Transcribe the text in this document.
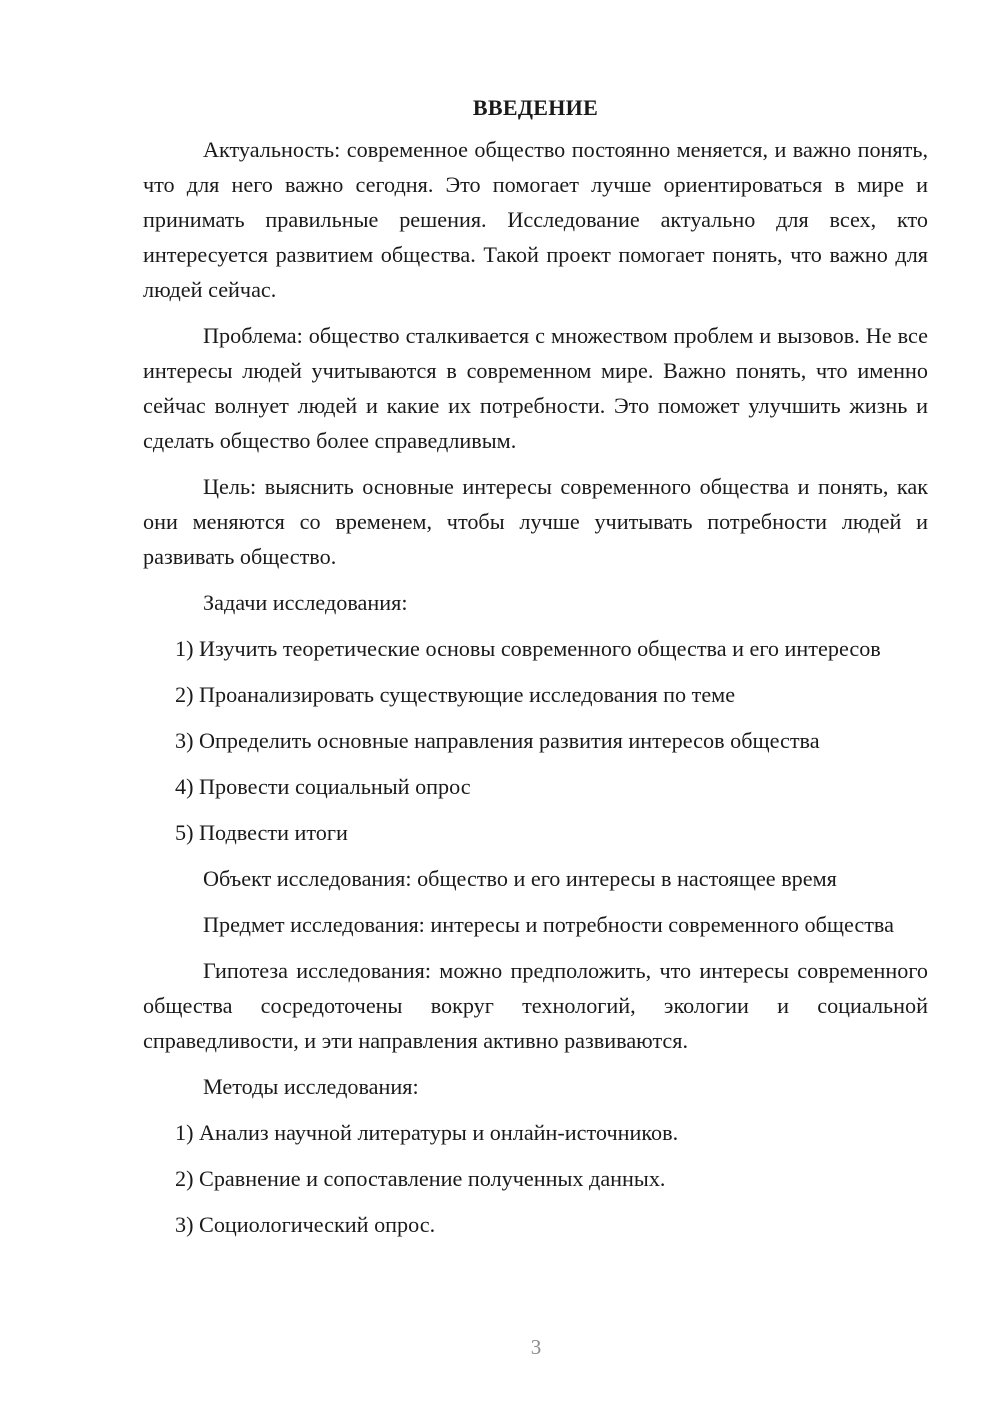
ВВЕДЕНИЕ

Актуальность: современное общество постоянно меняется, и важно понять, что для него важно сегодня. Это помогает лучше ориентироваться в мире и принимать правильные решения. Исследование актуально для всех, кто интересуется развитием общества. Такой проект помогает понять, что важно для людей сейчас.

Проблема: общество сталкивается с множеством проблем и вызовов. Не все интересы людей учитываются в современном мире. Важно понять, что именно сейчас волнует людей и какие их потребности. Это поможет улучшить жизнь и сделать общество более справедливым.

Цель: выяснить основные интересы современного общества и понять, как они меняются со временем, чтобы лучше учитывать потребности людей и развивать общество.

Задачи исследования:

1) Изучить теоретические основы современного общества и его интересов

2) Проанализировать существующие исследования по теме

3) Определить основные направления развития интересов общества

4) Провести социальный опрос

5) Подвести итоги

Объект исследования: общество и его интересы в настоящее время

Предмет исследования: интересы и потребности современного общества

Гипотеза исследования: можно предположить, что интересы современного общества сосредоточены вокруг технологий, экологии и социальной справедливости, и эти направления активно развиваются.

Методы исследования:

1) Анализ научной литературы и онлайн-источников.

2) Сравнение и сопоставление полученных данных.

3) Социологический опрос.

3
